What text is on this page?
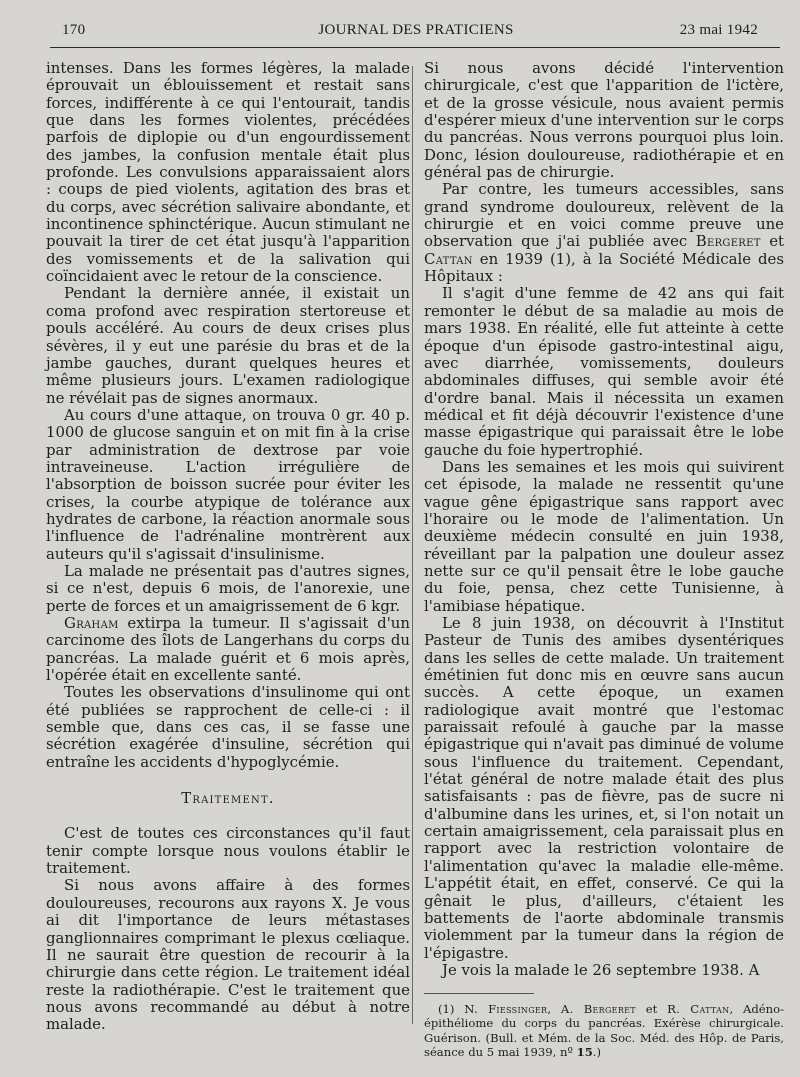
170	JOURNAL DES PRATICIENS	23 mai 1942

intenses. Dans les formes légères, la malade éprouvait un éblouissement et restait sans forces, indifférente à ce qui l'entourait, tandis que dans les formes violentes, précédées parfois de diplopie ou d'un engourdissement des jambes, la confusion mentale était plus profonde. Les convulsions apparaissaient alors : coups de pied violents, agitation des bras et du corps, avec sécrétion salivaire abondante, et incontinence sphinctérique. Aucun stimulant ne pouvait la tirer de cet état jusqu'à l'apparition des vomissements et de la salivation qui coïncidaient avec le retour de la conscience.

Pendant la dernière année, il existait un coma profond avec respiration stertoreuse et pouls accéléré. Au cours de deux crises plus sévères, il y eut une parésie du bras et de la jambe gauches, durant quelques heures et même plusieurs jours. L'examen radiologique ne révélait pas de signes anormaux.

Au cours d'une attaque, on trouva 0 gr. 40 p. 1000 de glucose sanguin et on mit fin à la crise par administration de dextrose par voie intraveineuse. L'action irrégulière de l'absorption de boisson sucrée pour éviter les crises, la courbe atypique de tolérance aux hydrates de carbone, la réaction anormale sous l'influence de l'adrénaline montrèrent aux auteurs qu'il s'agissait d'insulinisme.

La malade ne présentait pas d'autres signes, si ce n'est, depuis 6 mois, de l'anorexie, une perte de forces et un amaigrissement de 6 kgr.

Graham extirpa la tumeur. Il s'agissait d'un carcinome des îlots de Langerhans du corps du pancréas. La malade guérit et 6 mois après, l'opérée était en excellente santé.

Toutes les observations d'insulinome qui ont été publiées se rapprochent de celle-ci : il semble que, dans ces cas, il se fasse une sécrétion exagérée d'insuline, sécrétion qui entraîne les accidents d'hypoglycémie.

Traitement.

C'est de toutes ces circonstances qu'il faut tenir compte lorsque nous voulons établir le traitement.

Si nous avons affaire à des formes douloureuses, recourons aux rayons X. Je vous ai dit l'importance de leurs métastases ganglionnaires comprimant le plexus cœliaque. Il ne saurait être question de recourir à la chirurgie dans cette région. Le traitement idéal reste la radiothérapie. C'est le traitement que nous avons recommandé au début à notre malade.

Si nous avons décidé l'intervention chirurgicale, c'est que l'apparition de l'ictère, et de la grosse vésicule, nous avaient permis d'espérer mieux d'une intervention sur le corps du pancréas. Nous verrons pourquoi plus loin. Donc, lésion douloureuse, radiothérapie et en général pas de chirurgie.

Par contre, les tumeurs accessibles, sans grand syndrome douloureux, relèvent de la chirurgie et en voici comme preuve une observation que j'ai publiée avec Bergeret et Cattan en 1939 (1), à la Société Médicale des Hôpitaux :

Il s'agit d'une femme de 42 ans qui fait remonter le début de sa maladie au mois de mars 1938. En réalité, elle fut atteinte à cette époque d'un épisode gastro-intestinal aigu, avec diarrhée, vomissements, douleurs abdominales diffuses, qui semble avoir été d'ordre banal. Mais il nécessita un examen médical et fit déjà découvrir l'existence d'une masse épigastrique qui paraissait être le lobe gauche du foie hypertrophié.

Dans les semaines et les mois qui suivirent cet épisode, la malade ne ressentit qu'une vague gêne épigastrique sans rapport avec l'horaire ou le mode de l'alimentation. Un deuxième médecin consulté en juin 1938, réveillant par la palpation une douleur assez nette sur ce qu'il pensait être le lobe gauche du foie, pensa, chez cette Tunisienne, à l'amibiase hépatique.

Le 8 juin 1938, on découvrit à l'Institut Pasteur de Tunis des amibes dysentériques dans les selles de cette malade. Un traitement émétinien fut donc mis en œuvre sans aucun succès. A cette époque, un examen radiologique avait montré que l'estomac paraissait refoulé à gauche par la masse épigastrique qui n'avait pas diminué de volume sous l'influence du traitement. Cependant, l'état général de notre malade était des plus satisfaisants : pas de fièvre, pas de sucre ni d'albumine dans les urines, et, si l'on notait un certain amaigrissement, cela paraissait plus en rapport avec la restriction volontaire de l'alimentation qu'avec la maladie elle-même. L'appétit était, en effet, conservé. Ce qui la gênait le plus, d'ailleurs, c'étaient les battements de l'aorte abdominale transmis violemment par la tumeur dans la région de l'épigastre.

Je vois la malade le 26 septembre 1938. A

(1) N. Fiessinger, A. Bergeret et R. Cattan, Adéno-épithéliome du corps du pancréas. Exérèse chirurgicale. Guérison. (Bull. et Mém. de la Soc. Méd. des Hôp. de Paris, séance du 5 mai 1939, nº 15.)
